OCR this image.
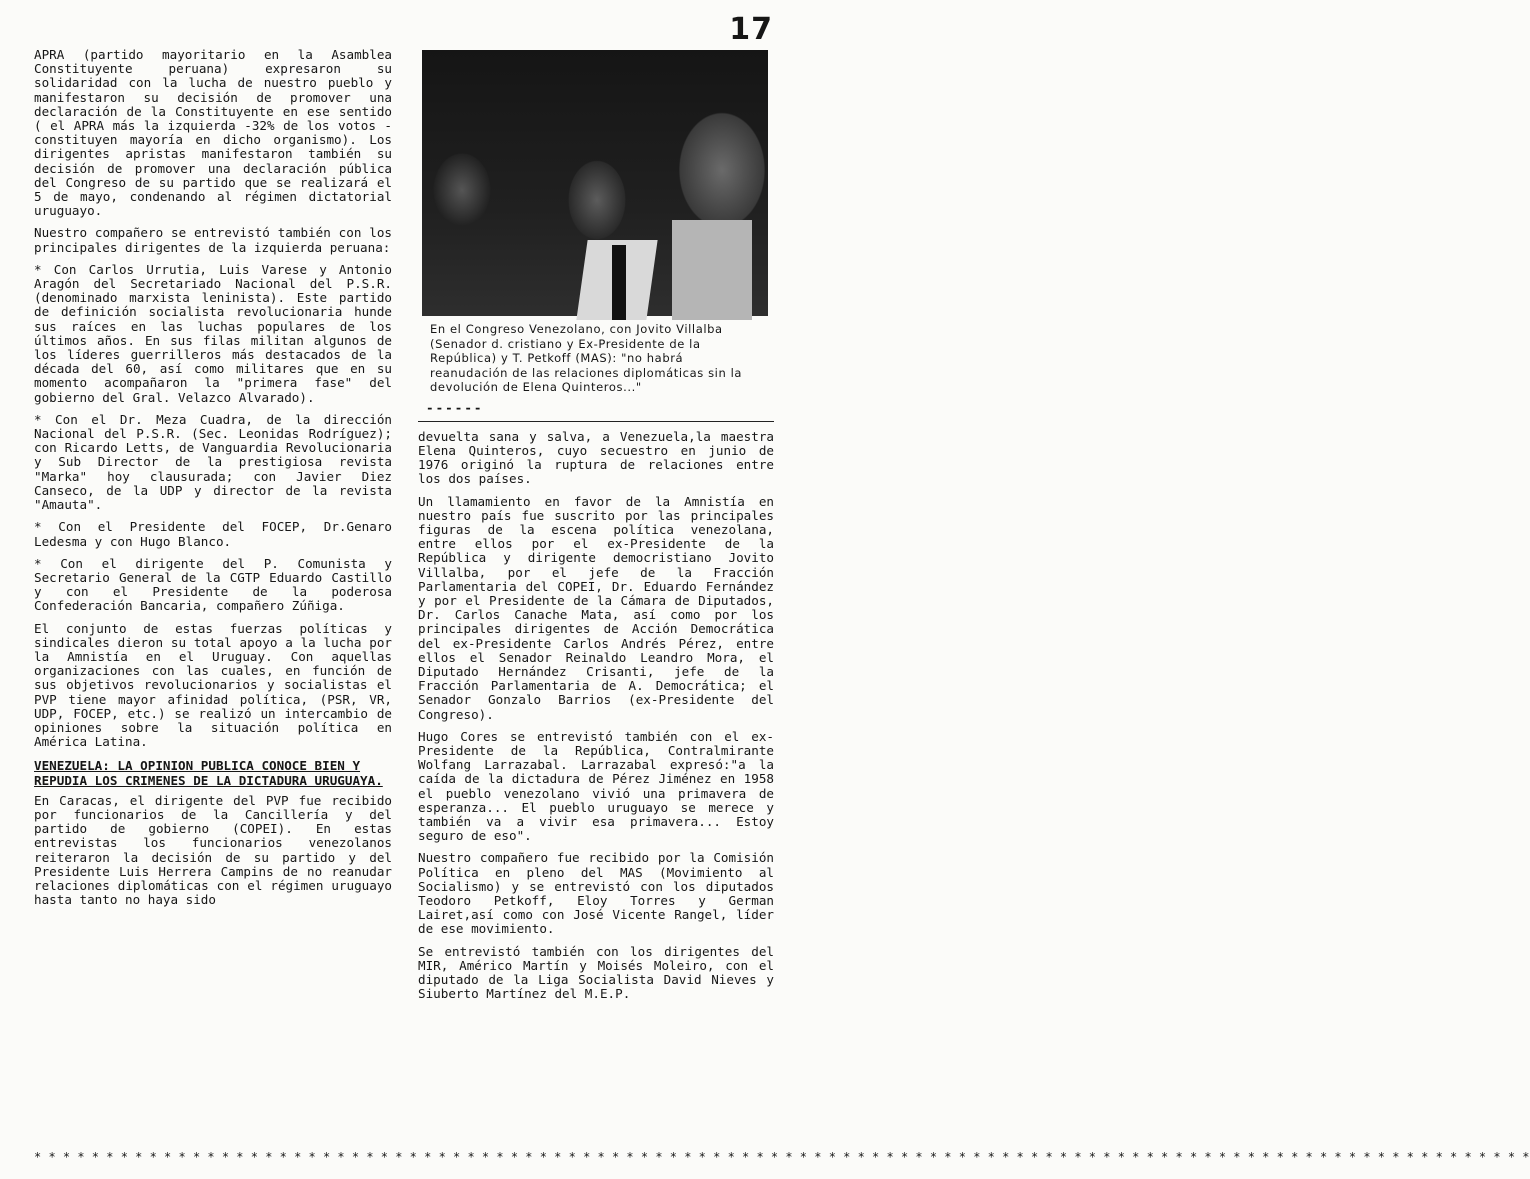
17

APRA (partido mayoritario en la Asamblea Constituyente peruana) expresaron su solidaridad con la lucha de nuestro pueblo y manifestaron su decisión de promover una declaración de la Constituyente en ese sentido ( el APRA más la izquierda -32% de los votos - constituyen mayoría en dicho organismo). Los dirigentes apristas manifestaron también su decisión de promover una declaración pública del Congreso de su partido que se realizará el 5 de mayo, condenando al régimen dictatorial uruguayo.

Nuestro compañero se entrevistó también con los principales dirigentes de la izquierda peruana:

* Con Carlos Urrutia, Luis Varese y Antonio Aragón del Secretariado Nacional del P.S.R.(denominado marxista leninista). Este partido de definición socialista revolucionaria hunde sus raíces en las luchas populares de los últimos años. En sus filas militan algunos de los líderes guerrilleros más destacados de la década del 60, así como militares que en su momento acompañaron la "primera fase" del gobierno del Gral. Velazco Alvarado).

* Con el Dr. Meza Cuadra, de la dirección Nacional del P.S.R. (Sec. Leonidas Rodríguez); con Ricardo Letts, de Vanguardia Revolucionaria y Sub Director de la prestigiosa revista "Marka" hoy clausurada; con Javier Diez Canseco, de la UDP y director de la revista "Amauta".

* Con el Presidente del FOCEP, Dr.Genaro Ledesma y con Hugo Blanco.

* Con el dirigente del P. Comunista y Secretario General de la CGTP Eduardo Castillo y con el Presidente de la poderosa Confederación Bancaria, compañero Zúñiga.

El conjunto de estas fuerzas políticas y sindicales dieron su total apoyo a la lucha por la Amnistía en el Uruguay. Con aquellas organizaciones con las cuales, en función de sus objetivos revolucionarios y socialistas el PVP tiene mayor afinidad política, (PSR, VR, UDP, FOCEP, etc.) se realizó un intercambio de opiniones sobre la situación política en América Latina.

VENEZUELA: LA OPINION PUBLICA CONOCE BIEN Y REPUDIA LOS CRIMENES DE LA DICTADURA URUGUAYA.

En Caracas, el dirigente del PVP fue recibido por funcionarios de la Cancillería y del partido de gobierno (COPEI). En estas entrevistas los funcionarios venezolanos reiteraron la decisión de su partido y del Presidente Luis Herrera Campins de no reanudar relaciones diplomáticas con el régimen uruguayo hasta tanto no haya sido

En el Congreso Venezolano, con Jovito Villalba (Senador d. cristiano y Ex-Presidente de la República) y T. Petkoff (MAS): "no habrá reanudación de las relaciones diplomáticas sin la devolución de Elena Quinteros..."

------

devuelta sana y salva, a Venezuela,la maestra Elena Quinteros, cuyo secuestro en junio de 1976 originó la ruptura de relaciones entre los dos países.

Un llamamiento en favor de la Amnistía en nuestro país fue suscrito por las principales figuras de la escena política venezolana, entre ellos por el ex-Presidente de la República y dirigente democristiano Jovito Villalba, por el jefe de la Fracción Parlamentaria del COPEI, Dr. Eduardo Fernández y por el Presidente de la Cámara de Diputados, Dr. Carlos Canache Mata, así como por los principales dirigentes de Acción Democrática del ex-Presidente Carlos Andrés Pérez, entre ellos el Senador Reinaldo Leandro Mora, el Diputado Hernández Crisanti, jefe de la Fracción Parlamentaria de A. Democrática; el Senador Gonzalo Barrios (ex-Presidente del Congreso).

Hugo Cores se entrevistó también con el ex-Presidente de la República, Contralmirante Wolfang Larrazabal. Larrazabal expresó:"a la caída de la dictadura de Pérez Jiménez en 1958 el pueblo venezolano vivió una primavera de esperanza... El pueblo uruguayo se merece y también va a vivir esa primavera... Estoy seguro de eso".

Nuestro compañero fue recibido por la Comisión Política en pleno del MAS (Movimiento al Socialismo) y se entrevistó con los diputados Teodoro Petkoff, Eloy Torres y German Lairet,así como con José Vicente Rangel, líder de ese movimiento.

Se entrevistó también con los dirigentes del MIR, Américo Martín y Moisés Moleiro, con el diputado de la Liga Socialista David Nieves y Siuberto Martínez del M.E.P.

* * * * * * * * * * * * * * * * * * * * * * * * * * * * * * * * * * * * * * * * * * * * * * * * * * * * * * * * * * * * * * * * * * * * * * * * * * * * * * * * * * * * * * * * * * * * * * * * * * * * * * * *
